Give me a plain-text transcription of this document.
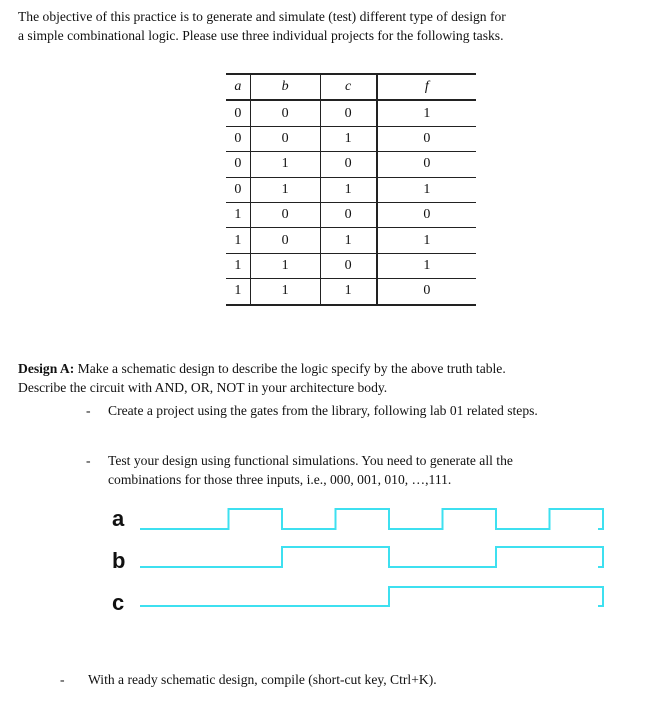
The objective of this practice is to generate and simulate (test) different type of design for

a simple combinational logic. Please use three individual projects for the following tasks.

a	b	c	f
0	0	0	1
0	0	1	0
0	1	0	0
0	1	1	1
1	0	0	0
1	0	1	1
1	1	0	1
1	1	1	0

Design A: Make a schematic design to describe the logic specify by the above truth table.

Describe the circuit with AND, OR, NOT in your architecture body.

- Create a project using the gates from the library, following lab 01 related steps.
- Test your design using functional simulations. You need to generate all the
combinations for those three inputs, i.e., 000, 001, 010, …,111.
a
b
c
- With a ready schematic design, compile (short-cut key, Ctrl+K).
